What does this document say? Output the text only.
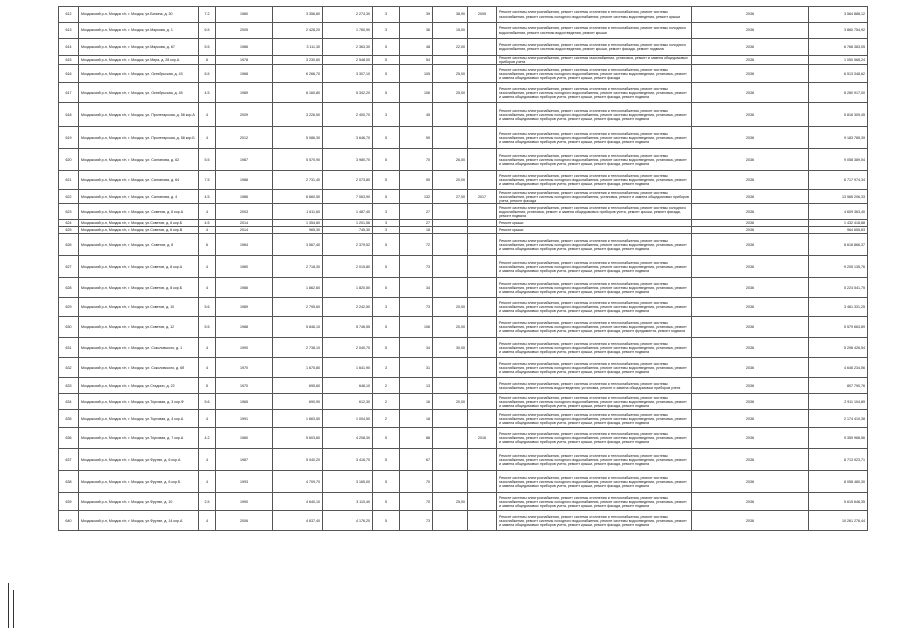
612	Моздокский р-н, Моздок г/п, г. Моздок, ул.Бичина, д. 30	7.2	1980	3 356,80	2 274,30	3	39	38,90	2005	Ремонт системы электроснабжения, ремонт системы отопления и теплоснабжения, ремонт системы газоснабжения, ремонт системы холодного водоснабжения, ремонт системы водоотведения, ремонт крыши	2036	3 564 888,12
613	Моздокский р-н, Моздок г/п, г. Моздок, ул.Маркова, д. 1	6.5	2005	2 428,20	1 760,90	3	36	15,00		Ремонт системы электроснабжения, ремонт системы отопления и теплоснабжения, ремонт системы холодного водоснабжения, ремонт системы водоотведения, ремонт крыши	2036	3 860 754,92
614	Моздокский р-н, Моздок г/п, г. Моздок, ул.Маркова, д. 67	5.5	1986	3 111,30	2 363,30	5	48	22,00		Ремонт системы электроснабжения, ремонт системы отопления и теплоснабжения, ремонт системы холодного водоснабжения, ремонт системы водоотведения, ремонт крыши, ремонт фасада, ремонт подвала	2036	6 768 383,05
615	Моздокский р-н, Моздок г/п, г. Моздок, ул.Мира, д. 28 кор.А	6	1978	3 230,60	2 548,00	5	54			Ремонт системы электроснабжения, ремонт системы газоснабжения, установка, ремонт и замена общедомовых приборов учета	2036	1 050 568,24
616	Моздокский р-н, Моздок г/п, г. Моздок, ул. Октябрьская, д. 43	6.5	1968	6 266,70	3 307,10	5	105	25,00		Ремонт системы электроснабжения, ремонт системы отопления и теплоснабжения, ремонт системы газоснабжения, ремонт системы холодного водоснабжения, ремонт системы водоотведения, установка, ремонт и замена общедомовых приборов учета, ремонт крыши, ремонт фасада	2036	6 513 348,62
617	Моздокский р-н, Моздок г/п, г. Моздок, ул. Октябрьская, д. 45	4.5	1989	6 160,80	5 342,20	5	106	25,00		Ремонт системы электроснабжения, ремонт системы отопления и теплоснабжения, ремонт системы газоснабжения, ремонт системы холодного водоснабжения, ремонт системы водоотведения, установка, ремонт и замена общедомовых приборов учета, ремонт крыши, ремонт фасада, ремонт подвала	2036	8 280 917,00
618	Моздокский р-н, Моздок г/п, г. Моздок, ул. Пролетарская, д. 58 кор.А	4	2009	3 226,50	2 400,70	3	45			Ремонт системы электроснабжения, ремонт системы отопления и теплоснабжения, ремонт системы газоснабжения, ремонт системы холодного водоснабжения, ремонт системы водоотведения, установка, ремонт и замена общедомовых приборов учета, ремонт крыши, ремонт фасада, ремонт подвала	2036	5 816 309,45
619	Моздокский р-н, Моздок г/п, г. Моздок, ул. Пролетарская, д. 58 кор.Б	4	2012	5 086,30	3 646,70	5	59			Ремонт системы электроснабжения, ремонт системы отопления и теплоснабжения, ремонт системы газоснабжения, ремонт системы холодного водоснабжения, ремонт системы водоотведения, установка, ремонт и замена общедомовых приборов учета, ремонт крыши, ремонт фасада, ремонт подвала	2036	9 183 785,39
620	Моздокский р-н, Моздок г/п, г. Моздок, ул. Салганова, д. 62	5.5	1987	5 570,90	3 980,70	5	70	26,00		Ремонт системы электроснабжения, ремонт системы отопления и теплоснабжения, ремонт системы газоснабжения, ремонт системы холодного водоснабжения, ремонт системы водоотведения, установка, ремонт и замена общедомовых приборов учета, ремонт крыши, ремонт фасада, ремонт подвала	2036	9 058 389,54
621	Моздокский р-н, Моздок г/п, г. Моздок, ул. Салганова, д. 64	7.5	1988	2 731,40	2 073,80	5	59	20,00		Ремонт системы электроснабжения, ремонт системы отопления и теплоснабжения, ремонт системы газоснабжения, ремонт системы холодного водоснабжения, ремонт системы водоотведения, установка, ремонт и замена общедомовых приборов учета, ремонт крыши, ремонт фасада, ремонт подвала	2036	6 717 974,34
622	Моздокский р-н, Моздок г/п, г. Моздок, ул. Салганова, д. 4	4.5	1986	8 660,50	7 063,90	5	132	27,00	2017	Ремонт системы электроснабжения, ремонт системы отопления и теплоснабжения, ремонт системы газоснабжения, ремонт системы холодного водоснабжения, установка, ремонт и замена общедомовых приборов учета, ремонт фасада	2036	13 566 206,33
623	Моздокский р-н, Моздок г/п, г. Моздок, ул. Советов, д. 6 кор.А	4	2003	1 611,60	1 487,40	3	27			Ремонт системы электроснабжения, ремонт системы отопления и теплоснабжения, ремонт системы холодного водоснабжения, установка, ремонт и замена общедомовых приборов учета, ремонт крыши, ремонт фасада, ремонт подвала	2036	4 609 363,40
624	Моздокский р-н, Моздок г/п, г. Моздок, ул.Советов, д. 6 кор.Б	4.5	2014	1 354,80	1 201,56	3	27			Ремонт крыши	2036	1 432 418,88
625	Моздокский р-н, Моздок г/п, г. Моздок, ул.Советов, д. 6 кор.В	4	2014	965,30	745,30	3	18			Ремонт крыши	2036	964 655,63
626	Моздокский р-н, Моздок г/п, г. Моздок, ул. Советов, д. 8	6	1964	3 567,40	2 379,52	5	72			Ремонт системы электроснабжения, ремонт системы отопления и теплоснабжения, ремонт системы газоснабжения, ремонт системы холодного водоснабжения, ремонт системы водоотведения, установка, ремонт и замена общедомовых приборов учета, ремонт крыши, ремонт фасада, ремонт подвала	2036	8 618 866,37
627	Моздокский р-н, Моздок г/п, г. Моздок, ул.Советов, д. 8 кор.А	4	1980	2 718,30	2 015,80	5	73			Ремонт системы электроснабжения, ремонт системы отопления и теплоснабжения, ремонт системы газоснабжения, ремонт системы холодного водоснабжения, ремонт системы водоотведения, установка, ремонт и замена общедомовых приборов учета, ремонт крыши, ремонт фасада, ремонт подвала	2036	9 205 135,76
628	Моздокский р-н, Моздок г/п, г. Моздок, ул.Советов, д. 8 кор.Б	4	1986	1 862,60	1 820,50	5	34			Ремонт системы электроснабжения, ремонт системы отопления и теплоснабжения, ремонт системы газоснабжения, ремонт системы холодного водоснабжения, ремонт системы водоотведения, установка, ремонт и замена общедомовых приборов учета, ремонт крыши, ремонт фасада, ремонт подвала	2036	5 224 541,75
629	Моздокский р-н, Моздок г/п, г. Моздок, ул.Советов, д. 10	5.6	1989	2 795,60	2 242,50	3	73	20,00		Ремонт системы электроснабжения, ремонт системы отопления и теплоснабжения, ремонт системы газоснабжения, ремонт системы холодного водоснабжения, ремонт системы водоотведения, установка, ремонт и замена общедомовых приборов учета, ремонт крыши, ремонт фасада, ремонт подвала	2036	3 461 331,25
630	Моздокский р-н, Моздок г/п, г. Моздок, ул.Советов, д. 12	5.5	1988	5 846,10	5 746,55	5	106	20,00		Ремонт системы электроснабжения, ремонт системы отопления и теплоснабжения, ремонт системы газоснабжения, ремонт системы холодного водоснабжения, ремонт системы водоотведения, установка, ремонт и замена общедомовых приборов учета, ремонт крыши, ремонт фасада, ремонт фундамента, ремонт подвала	2036	5 579 663,89
631	Моздокский р-н, Моздок г/п, г. Моздок, ул. Соколовского, д. 1	4	1990	2 738,10	2 040,70	5	34	30,00		Ремонт системы электроснабжения, ремонт системы отопления и теплоснабжения, ремонт системы газоснабжения, ремонт системы холодного водоснабжения, ремонт системы водоотведения, установка, ремонт и замена общедомовых приборов учета, ремонт крыши, ремонт фасада, ремонт подвала	2036	5 298 426,54
632	Моздокский р-н, Моздок г/п, г. Моздок, ул. Соколовского, д. 6б	4	1970	1 675,80	1 641,90	3	31			Ремонт системы электроснабжения, ремонт системы отопления и теплоснабжения, ремонт системы газоснабжения, ремонт системы холодного водоснабжения, ремонт системы водоотведения, установка, ремонт и замена общедомовых приборов учета, ремонт крыши, ремонт фасада, ремонт подвала	2036	4 646 234,56
633	Моздокский р-н, Моздок г/п, г. Моздок, ул.Стадион, д. 22	5	1970	695,60	648,10	2	13			Ремонт системы электроснабжения, ремонт системы отопления и теплоснабжения, ремонт системы газоснабжения, ремонт системы водоотведения, установка, ремонт и замена общедомовых приборов учета	2036	807 790,76
634	Моздокский р-н, Моздок г/п, г. Моздок, ул.Торговая, д. 3 кор.Ф	5.6	1965	690,90	612,30	2	16	20,00		Ремонт системы электроснабжения, ремонт системы отопления и теплоснабжения, ремонт системы газоснабжения, ремонт системы холодного водоснабжения, ремонт системы водоотведения, установка, ремонт и замена общедомовых приборов учета, ремонт крыши, ремонт фасада, ремонт подвала	2036	2 911 104,89
635	Моздокский р-н, Моздок г/п, г. Моздок, ул.Торговая, д. 4 кор.А	4	1991	1 663,50	1 004,50	2	18			Ремонт системы электроснабжения, ремонт системы отопления и теплоснабжения, ремонт системы газоснабжения, ремонт системы холодного водоснабжения, ремонт системы водоотведения, установка, ремонт и замена общедомовых приборов учета, ремонт крыши, ремонт фасада, ремонт подвала	2036	2 174 410,38
636	Моздокский р-н, Моздок г/п, г. Моздок, ул.Торговая, д. 7 кор.А	4.2	1980	5 603,60	4 208,30	5	88		2016	Ремонт системы электроснабжения, ремонт системы отопления и теплоснабжения, ремонт системы газоснабжения, ремонт системы холодного водоснабжения, ремонт системы водоотведения, установка, ремонт и замена общедомовых приборов учета, ремонт крыши, ремонт фасада, ремонт подвала	2036	9 359 968,56
637	Моздокский р-н, Моздок г/п, г. Моздок, ул.Фрунзе, д. 6 кор.А	4	1987	5 040,20	3 416,70	5	67			Ремонт системы электроснабжения, ремонт системы отопления и теплоснабжения, ремонт системы газоснабжения, ремонт системы холодного водоснабжения, ремонт системы водоотведения, установка, ремонт и замена общедомовых приборов учета, ремонт крыши, ремонт фасада, ремонт подвала	2036	8 713 923,71
638	Моздокский р-н, Моздок г/п, г. Моздок, ул.Фрунзе, д. 6 кор.Б	4	1993	4 709,70	3 165,00	5	70			Ремонт системы электроснабжения, ремонт системы отопления и теплоснабжения, ремонт системы газоснабжения, ремонт системы холодного водоснабжения, ремонт системы водоотведения, установка, ремонт и замена общедомовых приборов учета, ремонт крыши, ремонт фасада, ремонт подвала	2036	8 058 480,30
639	Моздокский р-н, Моздок г/п, г. Моздок, ул.Фрунзе, д. 10	2.5	1990	4 640,10	3 110,40	5	70	25,00		Ремонт системы электроснабжения, ремонт системы отопления и теплоснабжения, ремонт системы газоснабжения, ремонт системы холодного водоснабжения, ремонт системы водоотведения, установка, ремонт и замена общедомовых приборов учета, ремонт крыши, ремонт фасада, ремонт подвала	2036	5 615 646,35
640	Моздокский р-н, Моздок г/п, г. Моздок, ул.Фрунзе, д. 14 кор.А	4	2006	4 637,40	4 176,20	5	73			Ремонт системы электроснабжения, ремонт системы отопления и теплоснабжения, ремонт системы газоснабжения, ремонт системы холодного водоснабжения, ремонт системы водоотведения, установка, ремонт и замена общедомовых приборов учета, ремонт крыши, ремонт фасада, ремонт подвала	2036	10 261 276,44
